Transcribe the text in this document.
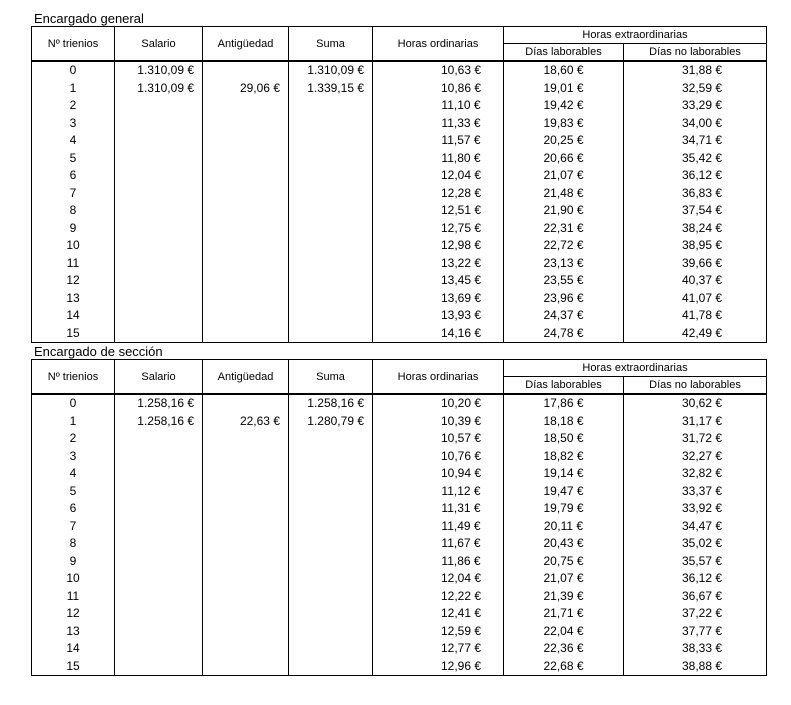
Encargado general
Nº trienios	Salario	Antigüedad	Suma	Horas ordinarias	Horas extraordinarias	
					Días laborables	Días no laborables
0	1.310,09 €		1.310,09 €	10,63 €	18,60 €	31,88 €
1	1.310,09 €	29,06 €	1.339,15 €	10,86 €	19,01 €	32,59 €
2				11,10 €	19,42 €	33,29 €
3				11,33 €	19,83 €	34,00 €
4				11,57 €	20,25 €	34,71 €
5				11,80 €	20,66 €	35,42 €
6				12,04 €	21,07 €	36,12 €
7				12,28 €	21,48 €	36,83 €
8				12,51 €	21,90 €	37,54 €
9				12,75 €	22,31 €	38,24 €
10				12,98 €	22,72 €	38,95 €
11				13,22 €	23,13 €	39,66 €
12				13,45 €	23,55 €	40,37 €
13				13,69 €	23,96 €	41,07 €
14				13,93 €	24,37 €	41,78 €
15				14,16 €	24,78 €	42,49 €
Encargado de sección
Nº trienios	Salario	Antigüedad	Suma	Horas ordinarias	Horas extraordinarias	
					Días laborables	Días no laborables
0	1.258,16 €		1.258,16 €	10,20 €	17,86 €	30,62 €
1	1.258,16 €	22,63 €	1.280,79 €	10,39 €	18,18 €	31,17 €
2				10,57 €	18,50 €	31,72 €
3				10,76 €	18,82 €	32,27 €
4				10,94 €	19,14 €	32,82 €
5				11,12 €	19,47 €	33,37 €
6				11,31 €	19,79 €	33,92 €
7				11,49 €	20,11 €	34,47 €
8				11,67 €	20,43 €	35,02 €
9				11,86 €	20,75 €	35,57 €
10				12,04 €	21,07 €	36,12 €
11				12,22 €	21,39 €	36,67 €
12				12,41 €	21,71 €	37,22 €
13				12,59 €	22,04 €	37,77 €
14				12,77 €	22,36 €	38,33 €
15				12,96 €	22,68 €	38,88 €
